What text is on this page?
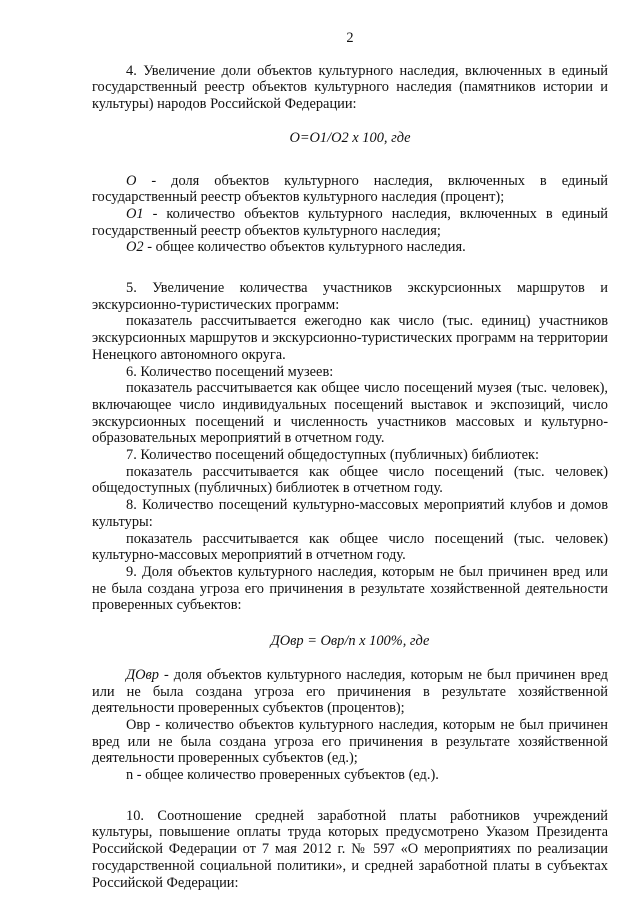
2

4. Увеличение доли объектов культурного наследия, включенных в единый государственный реестр объектов культурного наследия (памятников истории и культуры) народов Российской Федерации:

О=О1/О2 х 100, где

О - доля объектов культурного наследия, включенных в единый государственный реестр объектов культурного наследия (процент);

О1 - количество объектов культурного наследия, включенных в единый государственный реестр объектов культурного наследия;

О2 - общее количество объектов культурного наследия.

5. Увеличение количества участников экскурсионных маршрутов и экскурсионно-туристических программ:

показатель рассчитывается ежегодно как число (тыс. единиц) участников экскурсионных маршрутов и экскурсионно-туристических программ на территории Ненецкого автономного округа.

6. Количество посещений музеев:

показатель рассчитывается как общее число посещений музея (тыс. человек), включающее число индивидуальных посещений выставок и экспозиций, число экскурсионных посещений и численность участников массовых и культурно-образовательных мероприятий в отчетном году.

7. Количество посещений общедоступных (публичных) библиотек:

показатель рассчитывается как общее число посещений (тыс. человек) общедоступных (публичных) библиотек в отчетном году.

8. Количество посещений культурно-массовых мероприятий клубов и домов культуры:

показатель рассчитывается как общее число посещений (тыс. человек) культурно-массовых мероприятий в отчетном году.

9. Доля объектов культурного наследия, которым не был причинен вред или не была создана угроза его причинения в результате хозяйственной деятельности проверенных субъектов:

ДОвр = Овр/n х 100%, где

ДОвр - доля объектов культурного наследия, которым не был причинен вред или не была создана угроза его причинения в результате хозяйственной деятельности проверенных субъектов (процентов);

Овр - количество объектов культурного наследия, которым не был причинен вред или не была создана угроза его причинения в результате хозяйственной деятельности проверенных субъектов (ед.);

n - общее количество проверенных субъектов (ед.).

10. Соотношение средней заработной платы работников учреждений культуры, повышение оплаты труда которых предусмотрено Указом Президента Российской Федерации от 7 мая 2012 г. № 597 «О мероприятиях по реализации государственной социальной политики», и средней заработной платы в субъектах Российской Федерации:
